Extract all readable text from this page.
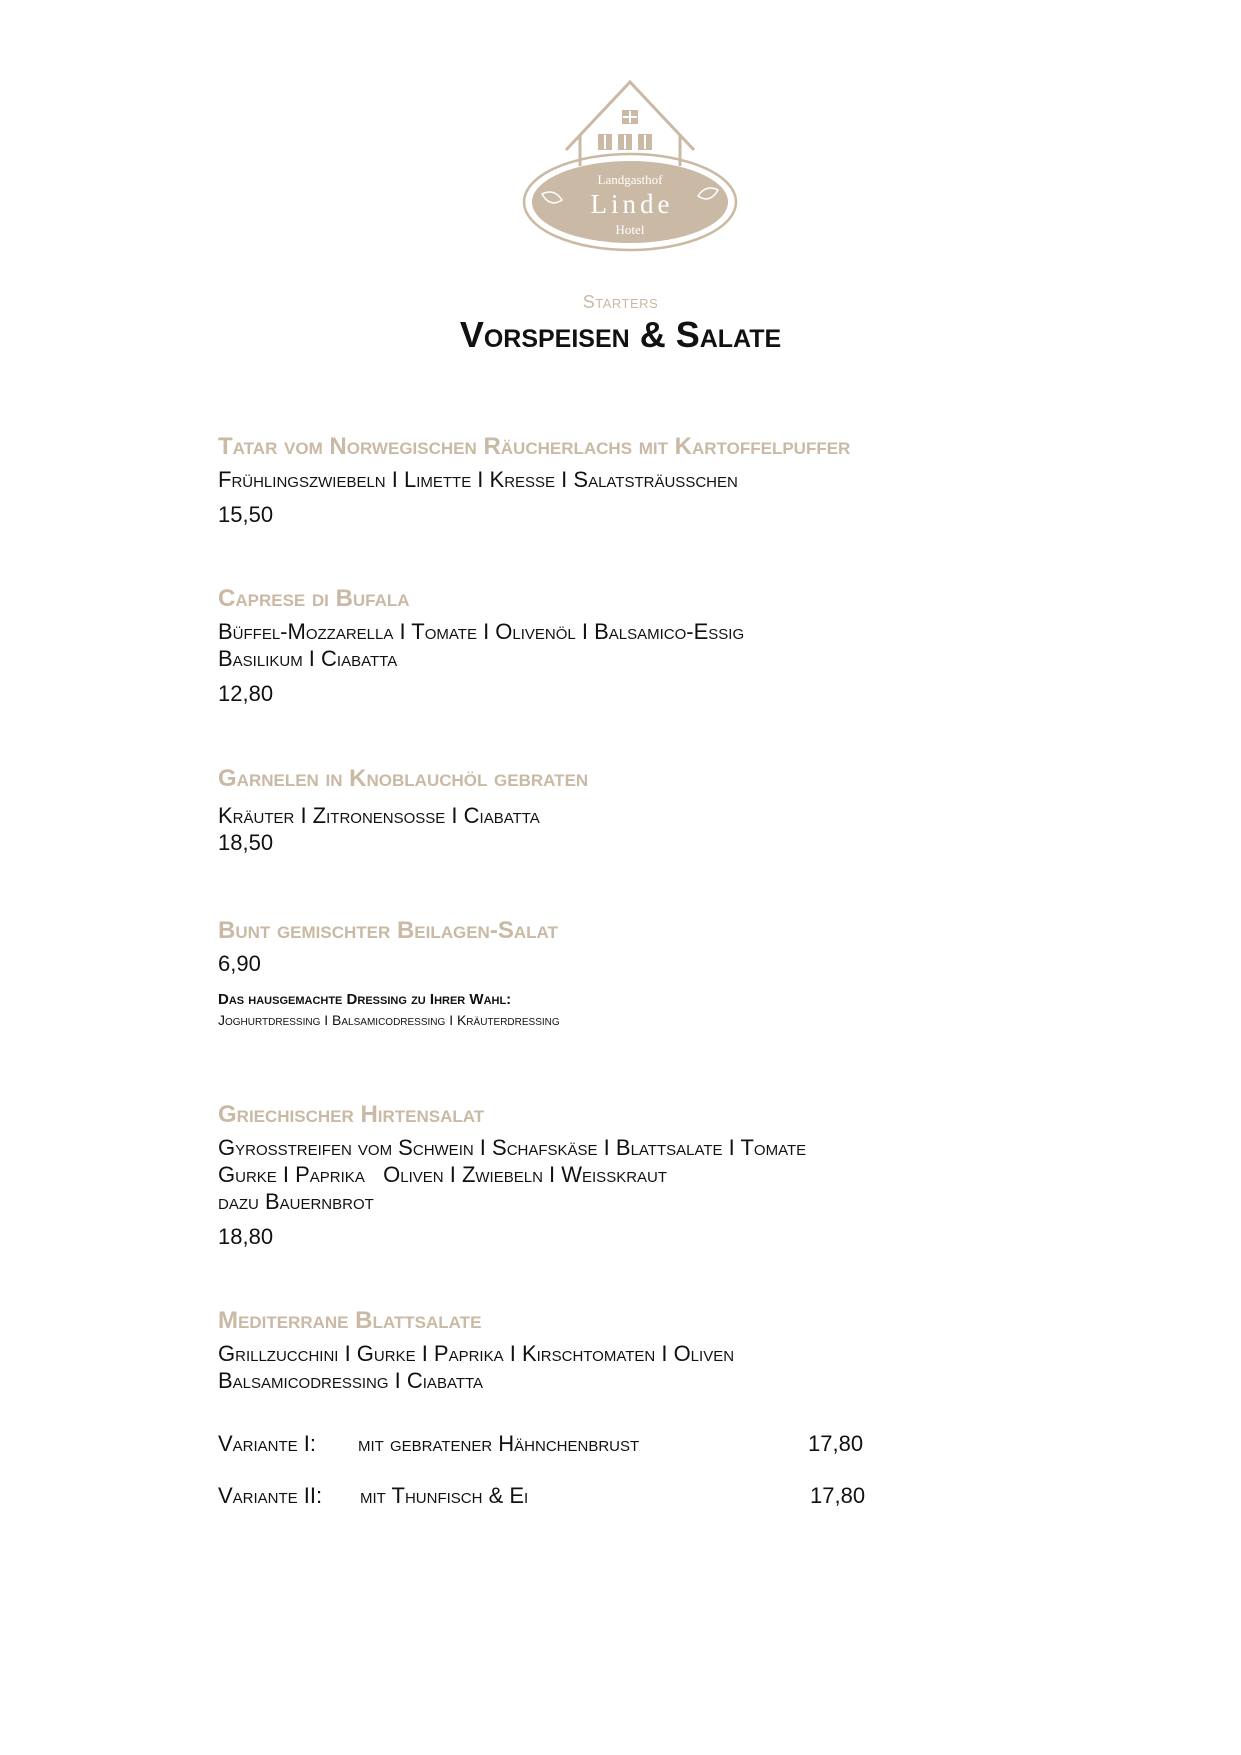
Landgasthof
Linde
Hotel
Starters
Vorspeisen & Salate
Tatar vom Norwegischen Räucherlachs mit Kartoffelpuffer
Frühlingszwiebeln I Limette I Kresse I Salatsträußchen
15,50
Caprese di Bufala
Büffel-Mozzarella I Tomate I Olivenöl I Balsamico-Essig
Basilikum I Ciabatta
12,80
Garnelen in Knoblauchöl gebraten
Kräuter I Zitronensoße I Ciabatta
18,50
Bunt gemischter Beilagen-Salat
6,90
Das hausgemachte Dressing zu Ihrer Wahl:
Joghurtdressing I Balsamicodressing I Kräuterdressing
Griechischer Hirtensalat
Gyrosstreifen vom Schwein I Schafskäse I Blattsalate I Tomate
Gurke I Paprika   Oliven I Zwiebeln I Weißkraut
dazu Bauernbrot
18,80
Mediterrane Blattsalate
Grillzucchini I Gurke I Paprika I Kirschtomaten I Oliven
Balsamicodressing I Ciabatta
Variante I:	mit gebratener Hähnchenbrust	17,80
Variante II:	mit Thunfisch & Ei	17,80
